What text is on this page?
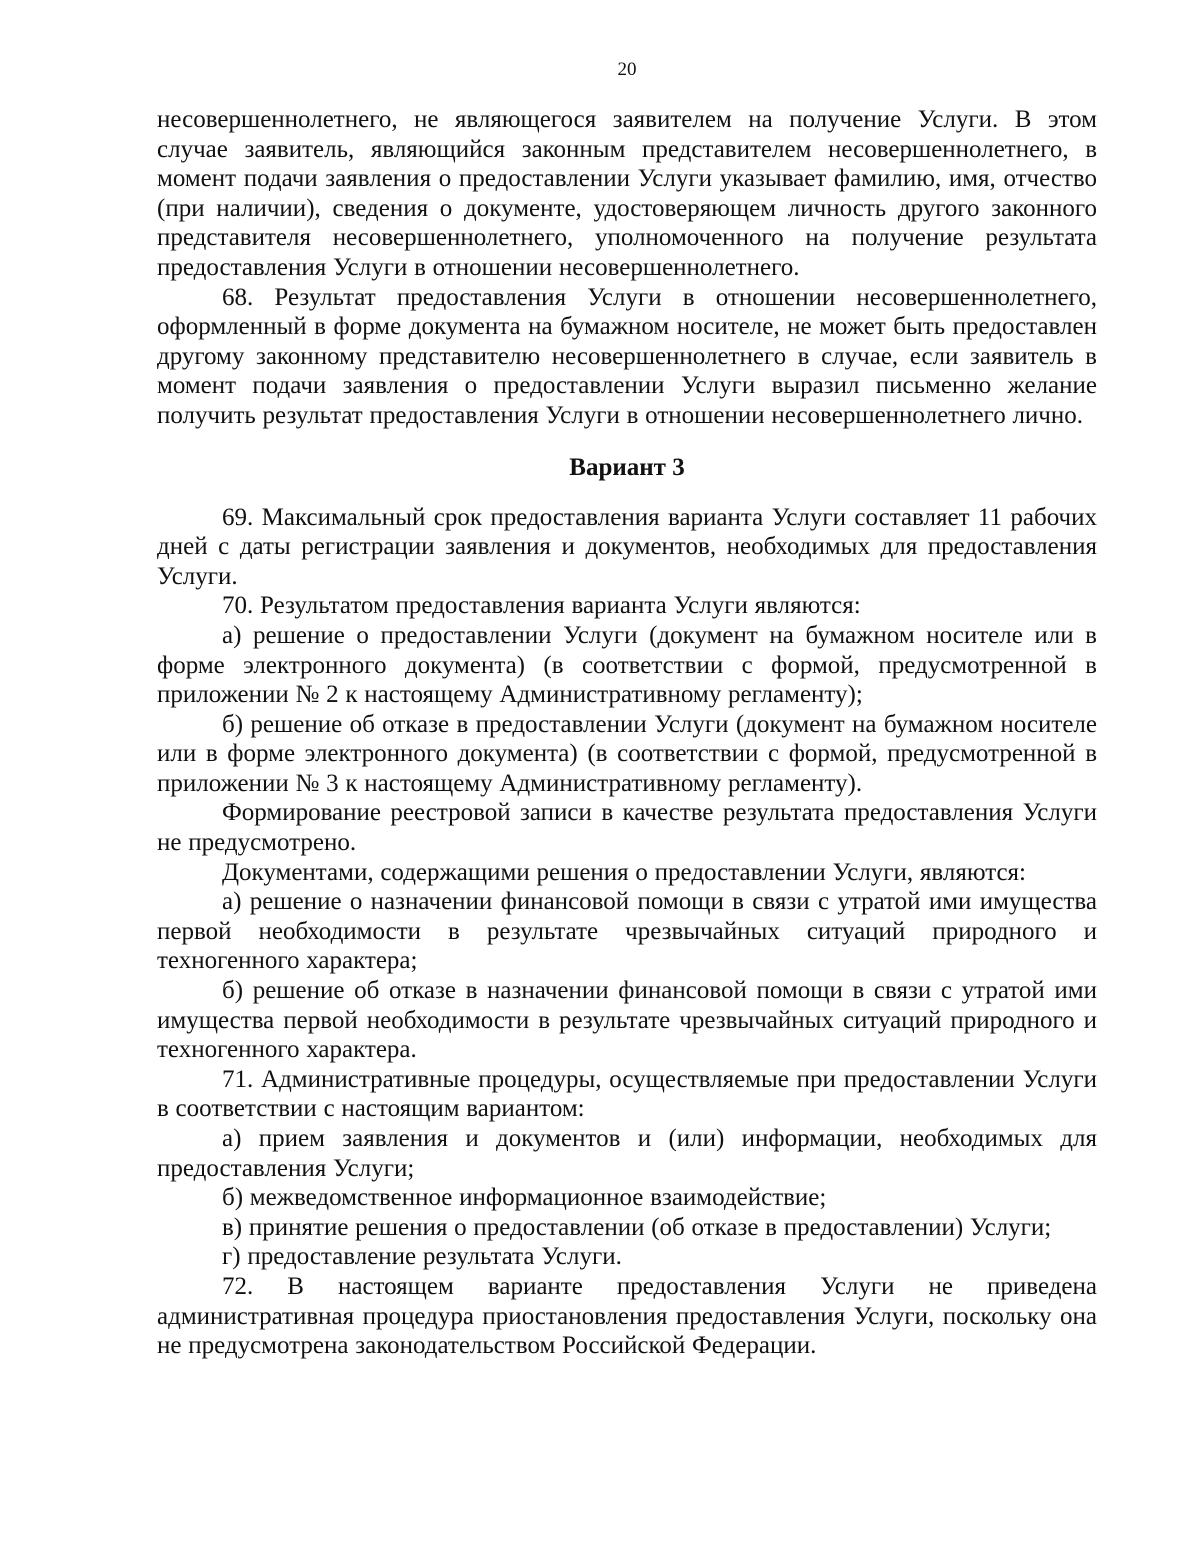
20

несовершеннолетнего, не являющегося заявителем на получение Услуги. В этом случае заявитель, являющийся законным представителем несовершеннолетнего, в момент подачи заявления о предоставлении Услуги указывает фамилию, имя, отчество (при наличии), сведения о документе, удостоверяющем личность другого законного представителя несовершеннолетнего, уполномоченного на получение результата предоставления Услуги в отношении несовершеннолетнего.

68. Результат предоставления Услуги в отношении несовершеннолетнего, оформленный в форме документа на бумажном носителе, не может быть предоставлен другому законному представителю несовершеннолетнего в случае, если заявитель в момент подачи заявления о предоставлении Услуги выразил письменно желание получить результат предоставления Услуги в отношении несовершеннолетнего лично.

Вариант 3

69. Максимальный срок предоставления варианта Услуги составляет 11 рабочих дней с даты регистрации заявления и документов, необходимых для предоставления Услуги.

70. Результатом предоставления варианта Услуги являются:

а) решение о предоставлении Услуги (документ на бумажном носителе или в форме электронного документа) (в соответствии с формой, предусмотренной в приложении № 2 к настоящему Административному регламенту);

б) решение об отказе в предоставлении Услуги (документ на бумажном носителе или в форме электронного документа) (в соответствии с формой, предусмотренной в приложении № 3 к настоящему Административному регламенту).

Формирование реестровой записи в качестве результата предоставления Услуги не предусмотрено.

Документами, содержащими решения о предоставлении Услуги, являются:

а) решение о назначении финансовой помощи в связи с утратой ими имущества первой необходимости в результате чрезвычайных ситуаций природного и техногенного характера;

б) решение об отказе в назначении финансовой помощи в связи с утратой ими имущества первой необходимости в результате чрезвычайных ситуаций природного и техногенного характера.

71. Административные процедуры, осуществляемые при предоставлении Услуги в соответствии с настоящим вариантом:

а) прием заявления и документов и (или) информации, необходимых для предоставления Услуги;

б) межведомственное информационное взаимодействие;

в) принятие решения о предоставлении (об отказе в предоставлении) Услуги;

г) предоставление результата Услуги.

72. В настоящем варианте предоставления Услуги не приведена административная процедура приостановления предоставления Услуги, поскольку она не предусмотрена законодательством Российской Федерации.
